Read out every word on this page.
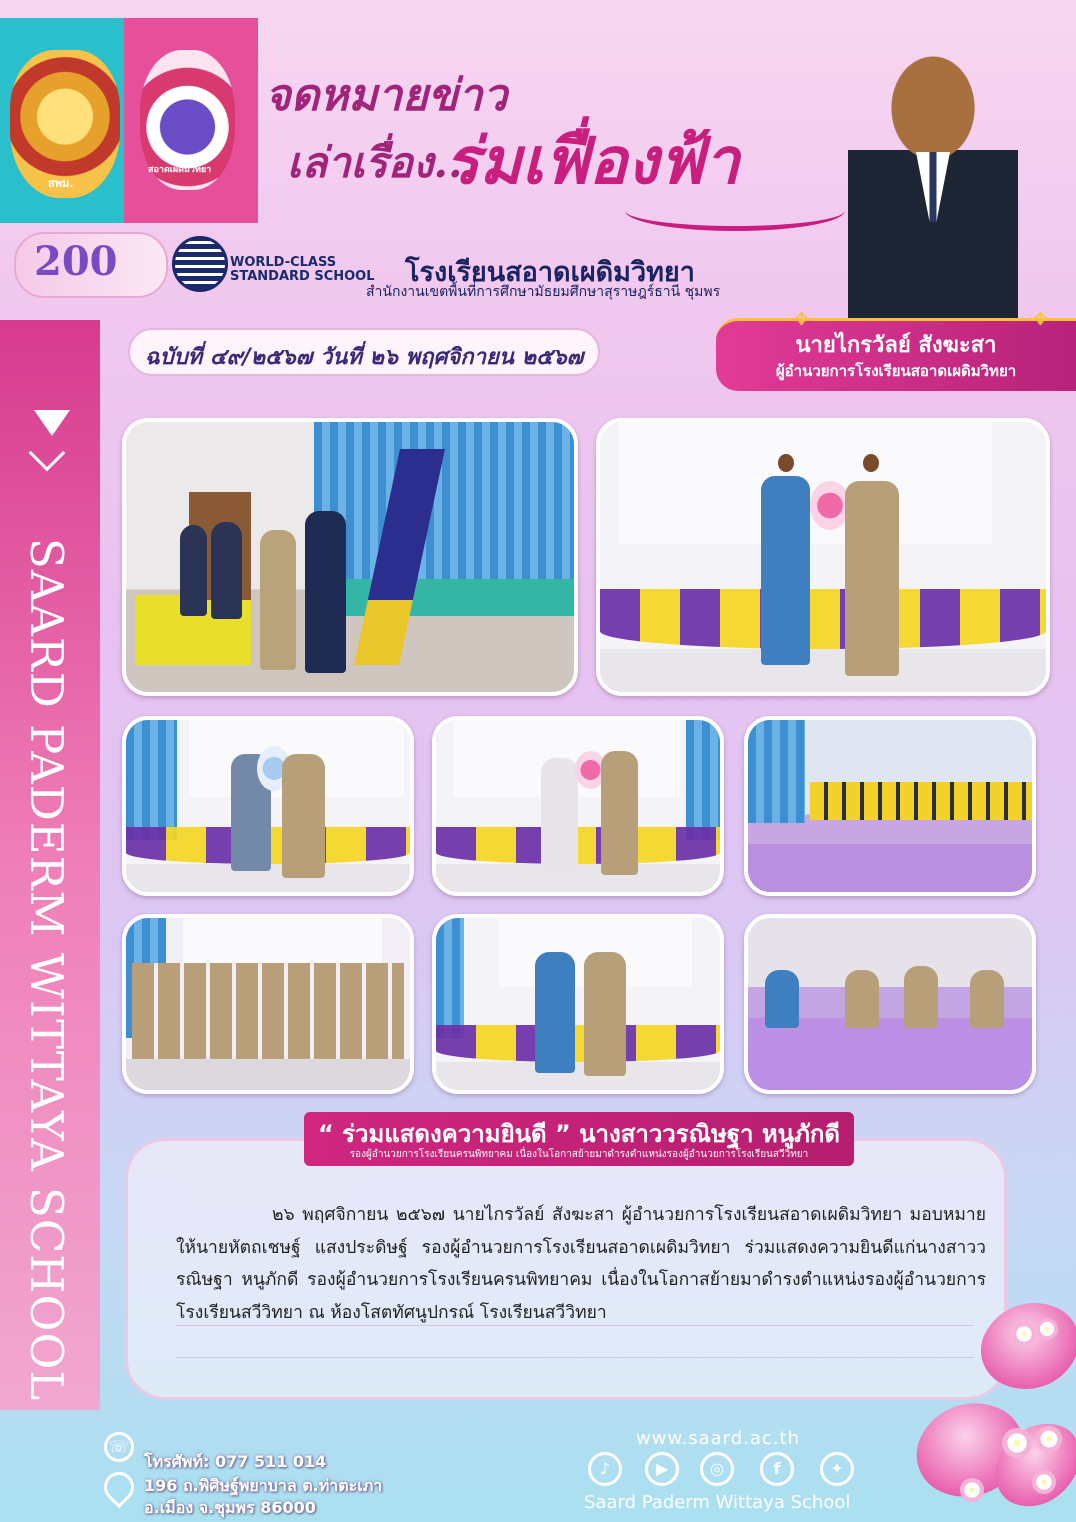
สพม.
สอาดเผดิมวิทยา
จดหมายข่าว
เล่าเรื่อง...
ร่มเฟื่องฟ้า
200	WORLD-CLASS
STANDARD SCHOOL โรงเรียนสอาดเผดิมวิทยา
สำนักงานเขตพื้นที่การศึกษามัธยมศึกษาสุราษฎร์ธานี ชุมพร
✥	✥
นายไกรวัลย์ สังฆะสา
ผู้อำนวยการโรงเรียนสอาดเผดิมวิทยา
ฉบับที่ ๔๙/๒๕๖๗ วันที่ ๒๖ พฤศจิกายน ๒๕๖๗
SAARD PADERM WITTAYA SCHOOL	๒๖ พฤศจิกายน ๒๕๖๗ นายไกรวัลย์ สังฆะสา ผู้อำนวยการโรงเรียนสอาดเผดิมวิทยา มอบหมายให้นายหัตถเชษฐ์ แสงประดิษฐ์ รองผู้อำนวยการโรงเรียนสอาดเผดิมวิทยา ร่วมแสดงความยินดีแก่นางสาววรณิษฐา หนูภักดี รองผู้อำนวยการโรงเรียนครนพิทยาคม เนื่องในโอกาสย้ายมาดำรงตำแหน่งรองผู้อำนวยการโรงเรียนสวีวิทยา ณ ห้องโสตทัศนูปกรณ์ โรงเรียนสวีวิทยา
“ ร่วมแสดงความยินดี ” นางสาววรณิษฐา หนูภักดี
รองผู้อำนวยการโรงเรียนครนพิทยาคม เนื่องในโอกาสย้ายมาดำรงตำแหน่งรองผู้อำนวยการโรงเรียนสวีวิทยา
☏
โทรศัพท์: 077 511 014
196 ถ.พิศิษฐ์พยาบาล ต.ท่าตะเภา
อ.เมือง จ.ชุมพร 86000
www.saard.ac.th
♪	▶	◎	f	✦
Saard Paderm Wittaya School
